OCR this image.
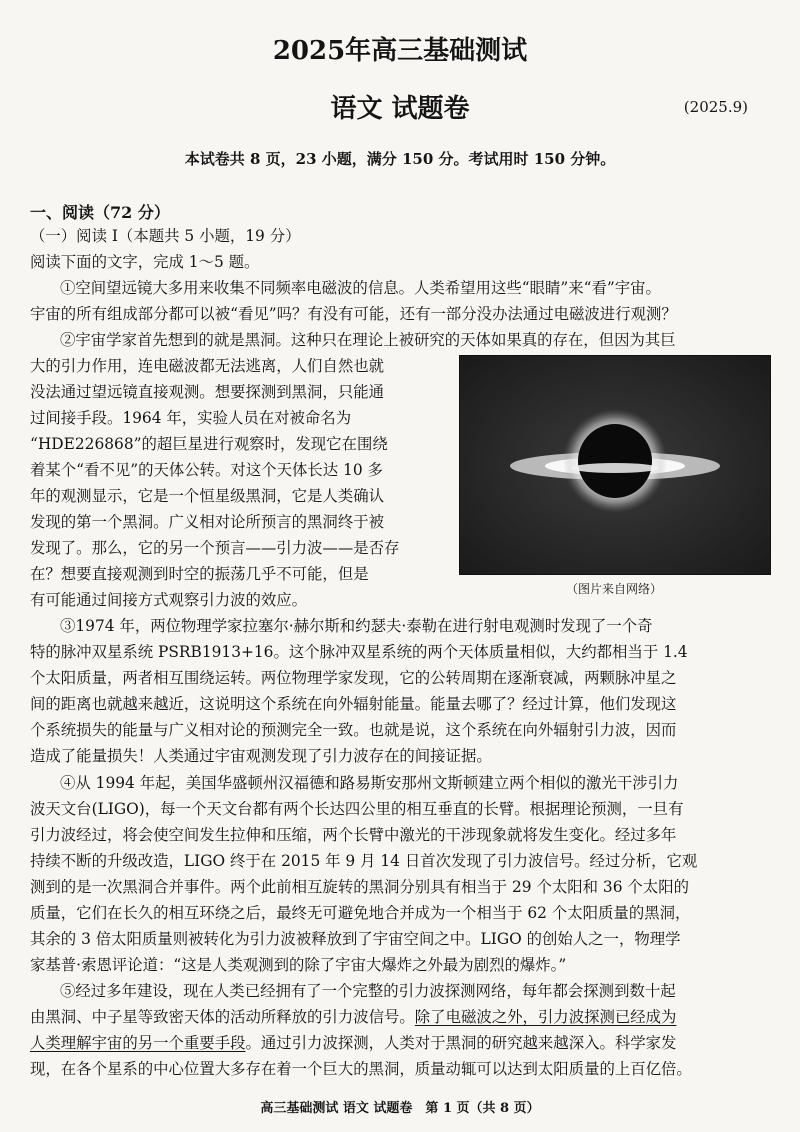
2025年高三基础测试
语文 试题卷	(2025.9)
本试卷共 8 页，23 小题，满分 150 分。考试用时 150 分钟。
一、阅读（72 分）
（一）阅读 I（本题共 5 小题，19 分）
阅读下面的文字，完成 1～5 题。
①空间望远镜大多用来收集不同频率电磁波的信息。人类希望用这些“眼睛”来“看”宇宙。
宇宙的所有组成部分都可以被“看见”吗？有没有可能，还有一部分没办法通过电磁波进行观测？
②宇宙学家首先想到的就是黑洞。这种只在理论上被研究的天体如果真的存在，但因为其巨
大的引力作用，连电磁波都无法逃离，人们自然也就
没法通过望远镜直接观测。想要探测到黑洞，只能通
过间接手段。1964 年，实验人员在对被命名为
“HDE226868”的超巨星进行观察时，发现它在围绕
着某个“看不见”的天体公转。对这个天体长达 10 多
年的观测显示，它是一个恒星级黑洞，它是人类确认
发现的第一个黑洞。广义相对论所预言的黑洞终于被
发现了。那么，它的另一个预言——引力波——是否存
在？想要直接观测到时空的振荡几乎不可能，但是
有可能通过间接方式观察引力波的效应。
（图片来自网络）
③1974 年，两位物理学家拉塞尔·赫尔斯和约瑟夫·泰勒在进行射电观测时发现了一个奇
特的脉冲双星系统 PSRB1913+16。这个脉冲双星系统的两个天体质量相似，大约都相当于 1.4
个太阳质量，两者相互围绕运转。两位物理学家发现，它的公转周期在逐渐衰减，两颗脉冲星之
间的距离也就越来越近，这说明这个系统在向外辐射能量。能量去哪了？经过计算，他们发现这
个系统损失的能量与广义相对论的预测完全一致。也就是说，这个系统在向外辐射引力波，因而
造成了能量损失！人类通过宇宙观测发现了引力波存在的间接证据。
④从 1994 年起，美国华盛顿州汉福德和路易斯安那州文斯顿建立两个相似的激光干涉引力
波天文台(LIGO)，每一个天文台都有两个长达四公里的相互垂直的长臂。根据理论预测，一旦有
引力波经过，将会使空间发生拉伸和压缩，两个长臂中激光的干涉现象就将发生变化。经过多年
持续不断的升级改造，LIGO 终于在 2015 年 9 月 14 日首次发现了引力波信号。经过分析，它观
测到的是一次黑洞合并事件。两个此前相互旋转的黑洞分别具有相当于 29 个太阳和 36 个太阳的
质量，它们在长久的相互环绕之后，最终无可避免地合并成为一个相当于 62 个太阳质量的黑洞，
其余的 3 倍太阳质量则被转化为引力波被释放到了宇宙空间之中。LIGO 的创始人之一，物理学
家基普·索恩评论道：“这是人类观测到的除了宇宙大爆炸之外最为剧烈的爆炸。”
⑤经过多年建设，现在人类已经拥有了一个完整的引力波探测网络，每年都会探测到数十起
由黑洞、中子星等致密天体的活动所释放的引力波信号。除了电磁波之外，引力波探测已经成为
人类理解宇宙的另一个重要手段。通过引力波探测，人类对于黑洞的研究越来越深入。科学家发
现，在各个星系的中心位置大多存在着一个巨大的黑洞，质量动辄可以达到太阳质量的上百亿倍。
高三基础测试 语文 试题卷　第 1 页（共 8 页）
